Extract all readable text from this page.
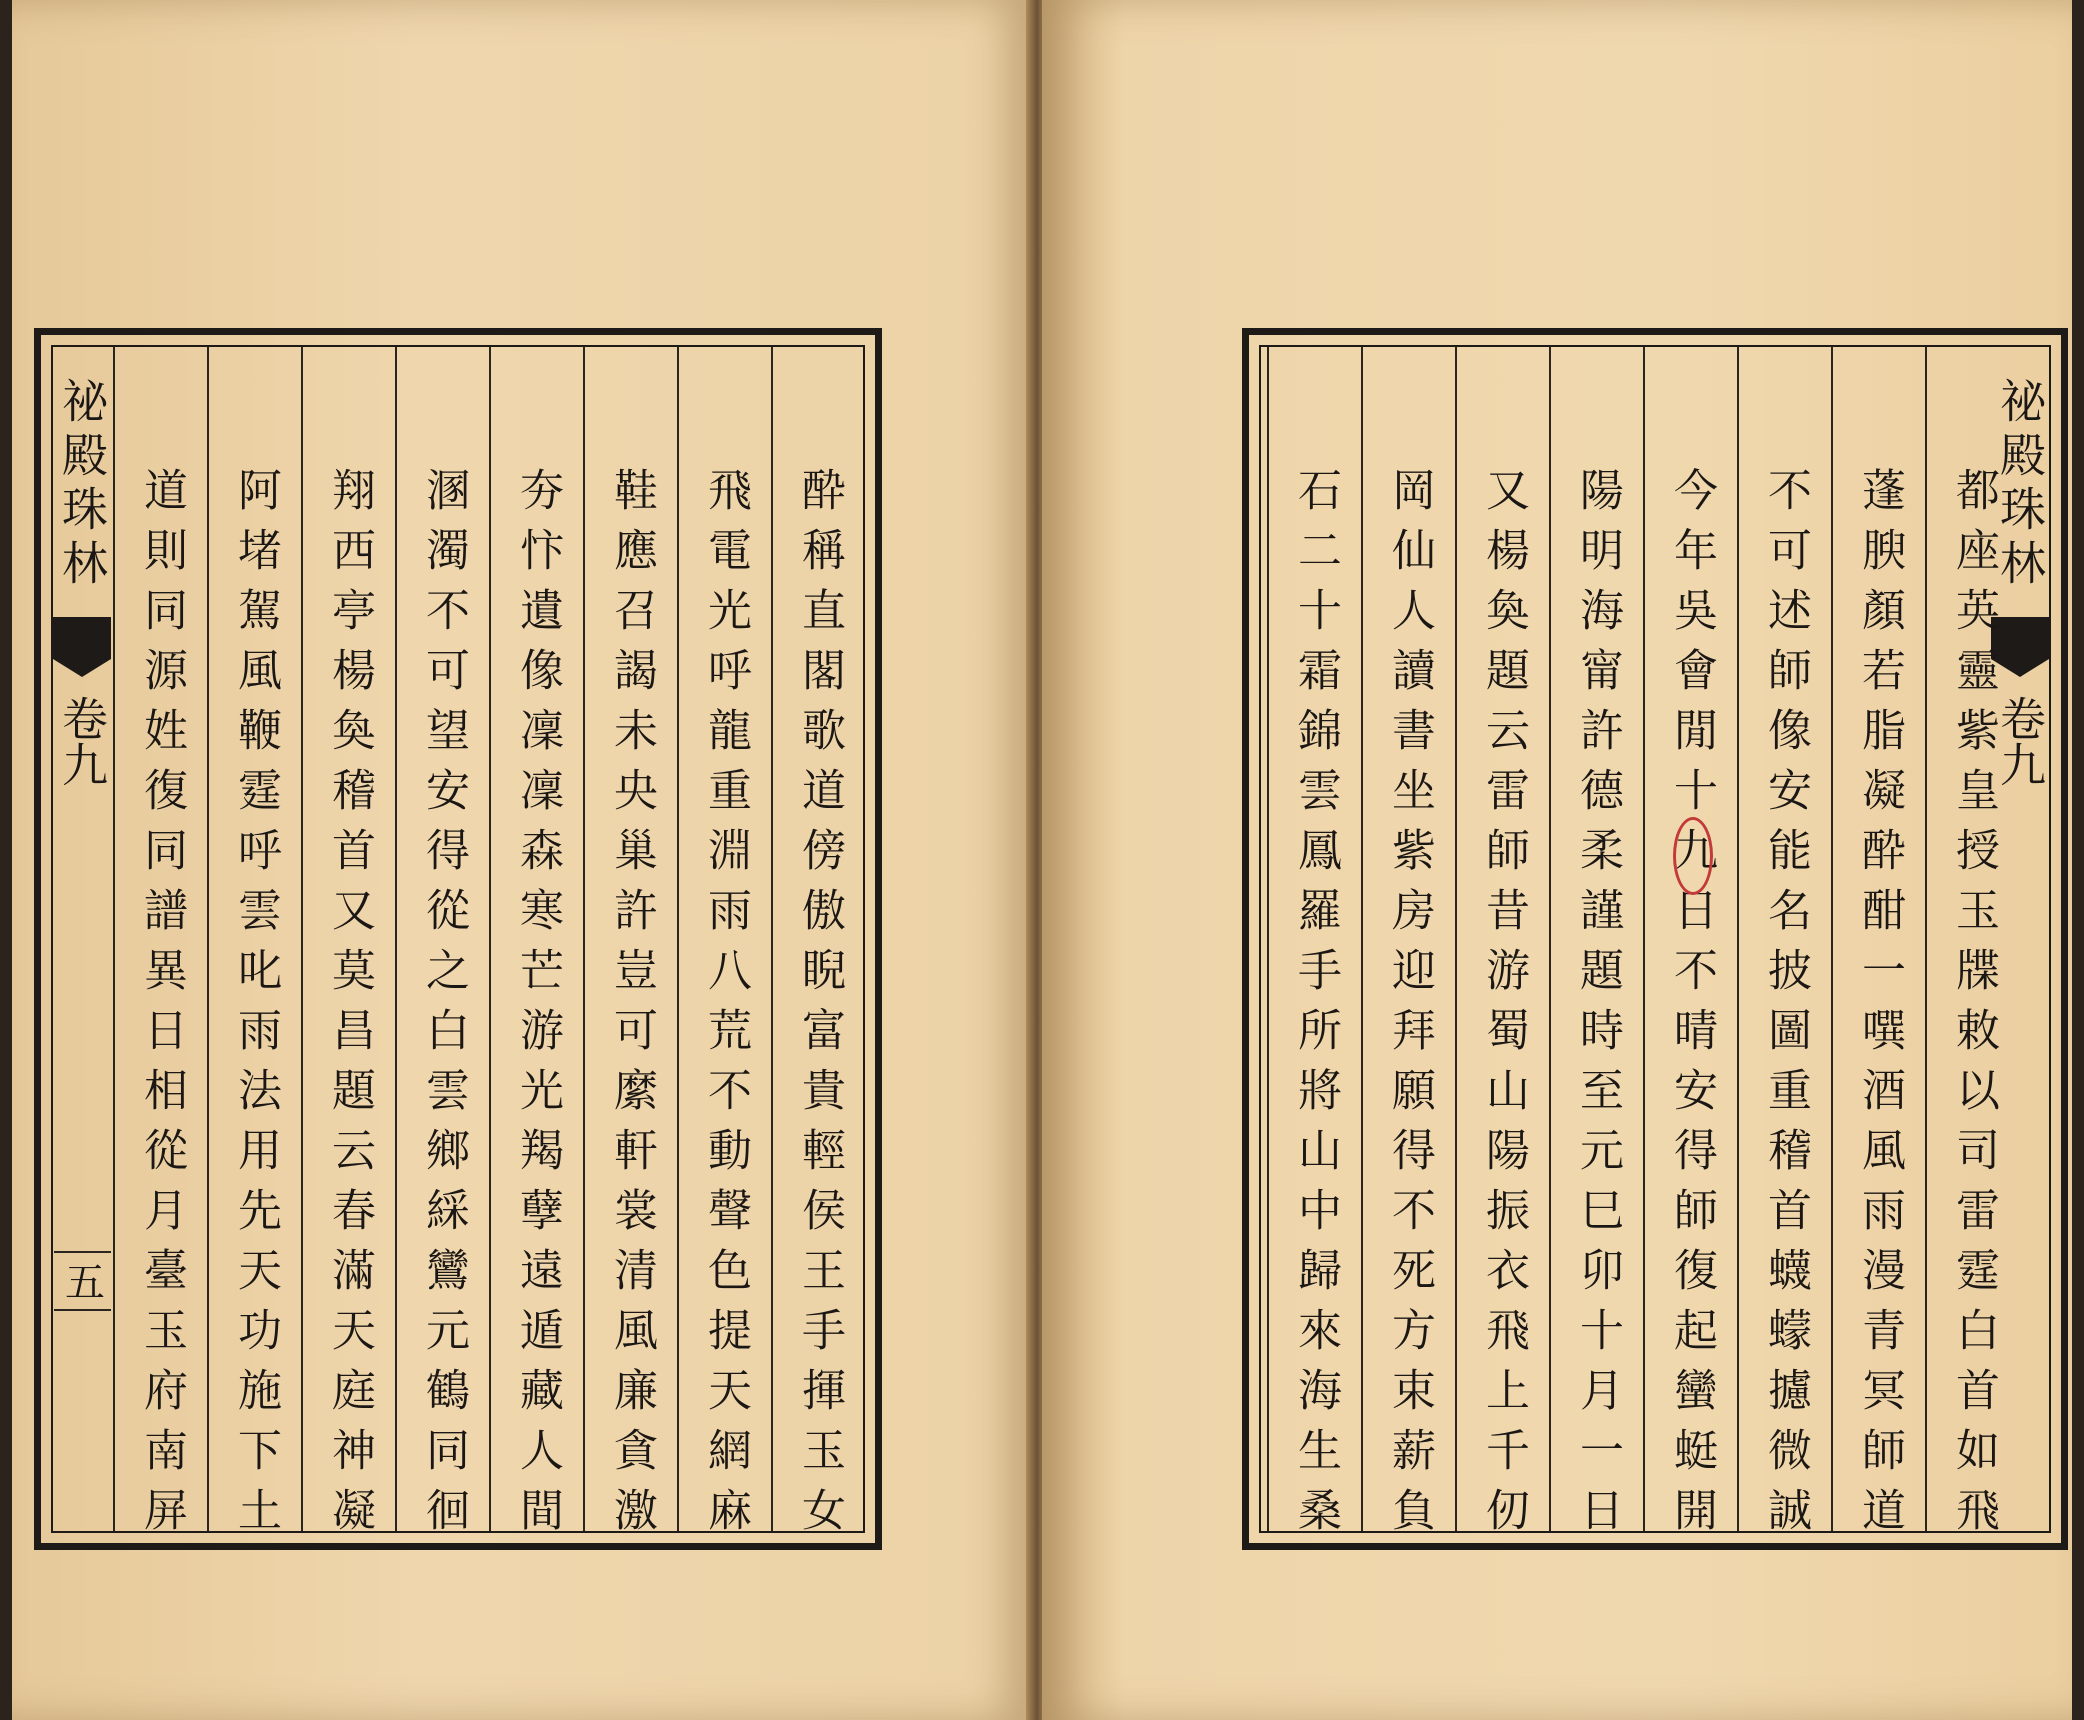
祕殿珠林
卷九
五	酔稱直閣歌道傍傲睨富貴輕侯王手揮玉女
飛電光呼龍重淵雨八荒不動聲色提天網麻
鞋應召謁未央巢許豈可縻軒裳清風廉貪激
夯忭遺像凜凜森寒芒游光羯孽遠遁藏人間
溷濁不可望安得從之白雲鄉綵鸞元鶴同徊
翔西亭楊奐稽首又莫昌題云春滿天庭神凝
阿堵駕風鞭霆呼雲叱雨法用先天功施下土
道則同源姓復同譜異日相從月臺玉府南屏	祕殿珠林
卷九
都座英靈紫皇授玉牒敕以司雷霆白首如飛
蓬腴顏若脂凝酔酣一噀酒風雨漫青冥師道
不可述師像安能名披圖重稽首蠛蠓攄微誠
今年吳會閒十九日不晴安得師復起蠻蜓開
陽明海甯許德柔謹題時至元巳卯十月一日
又楊奐題云雷師昔游蜀山陽振衣飛上千仞
岡仙人讀書坐紫房迎拜願得不死方束薪負
石二十霜錦雲鳳羅手所將山中歸來海生桑
